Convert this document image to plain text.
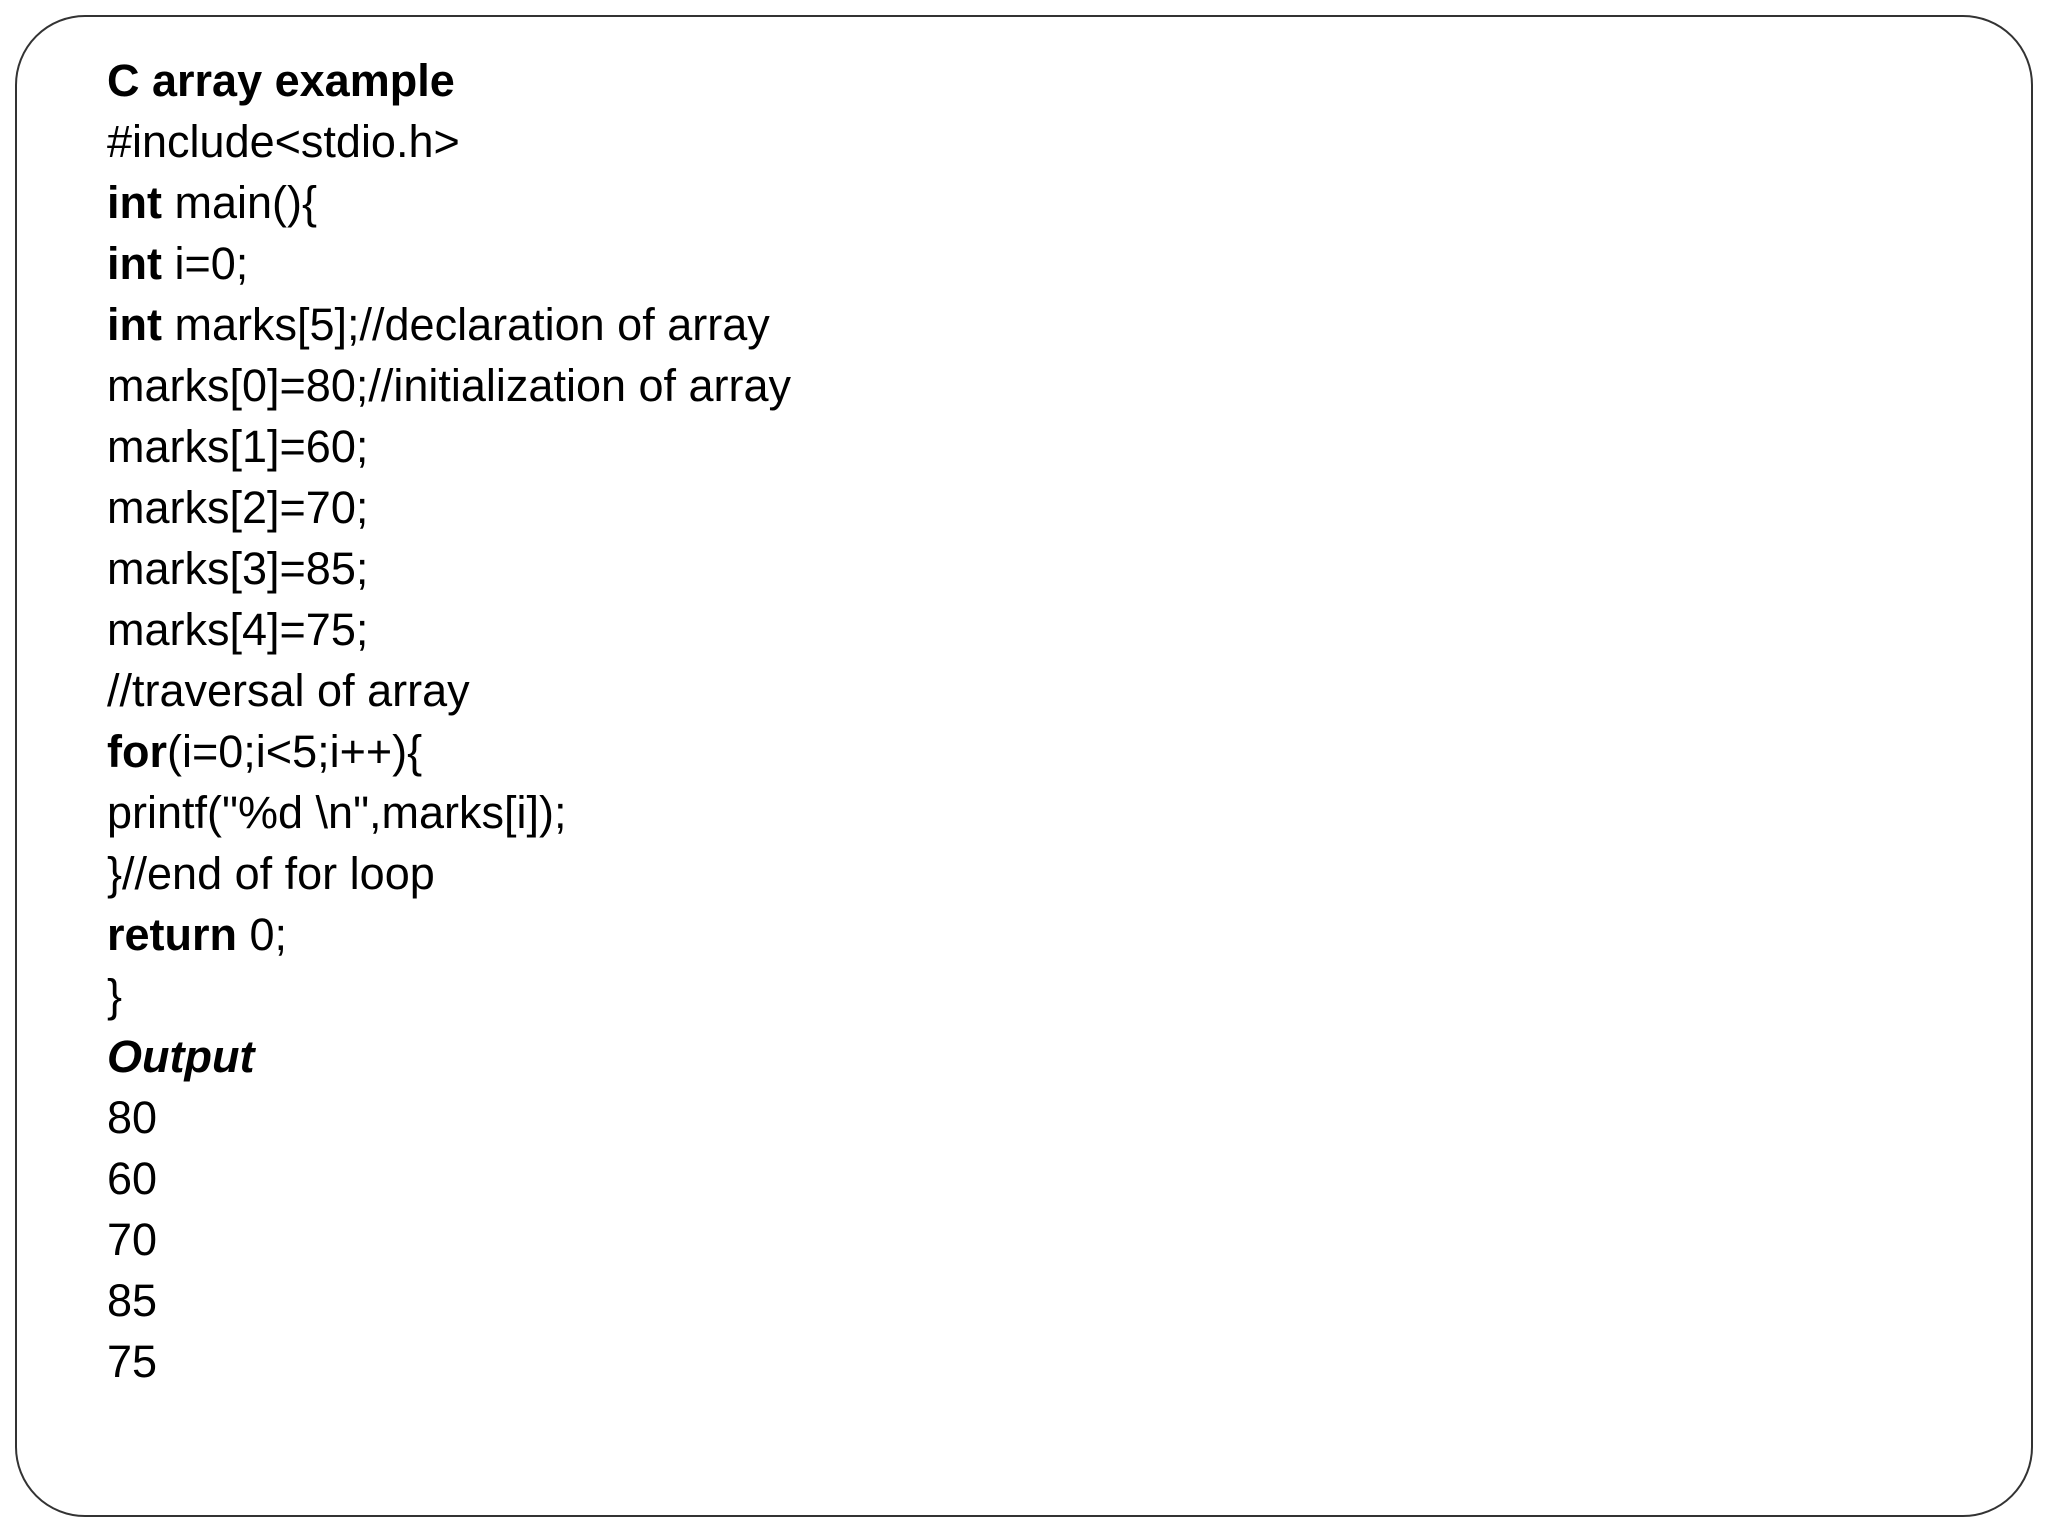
C array example
#include<stdio.h>
int main(){
int i=0;
int marks[5];//declaration of array
marks[0]=80;//initialization of array
marks[1]=60;
marks[2]=70;
marks[3]=85;
marks[4]=75;
//traversal of array
for(i=0;i<5;i++){
printf("%d \n",marks[i]);
}//end of for loop
return 0;
}
Output
80
60
70
85
75
